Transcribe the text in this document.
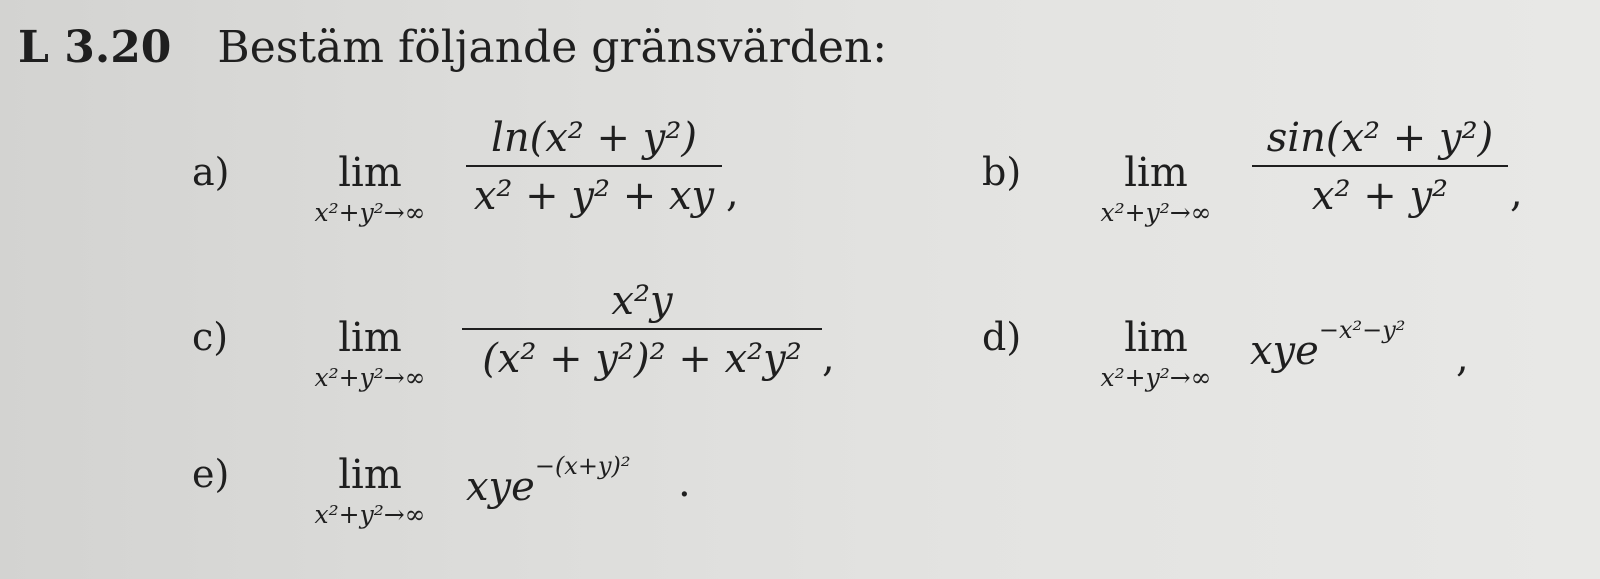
L 3.20 Bestäm följande gränsvärden:
a)	lim
x²+y²→∞
ln(x² + y²)
x² + y² + xy ,	b)	lim
x²+y²→∞
sin(x² + y²)
x² + y²	,
c)	lim
x²+y²→∞
x²y
(x² + y²)² + x²y² ,	d)	lim
x²+y²→∞
xye$^{-x^2-y^2}$
,
e)	lim
x²+y²→∞
xye$^{-(x+y)^2}$ .
